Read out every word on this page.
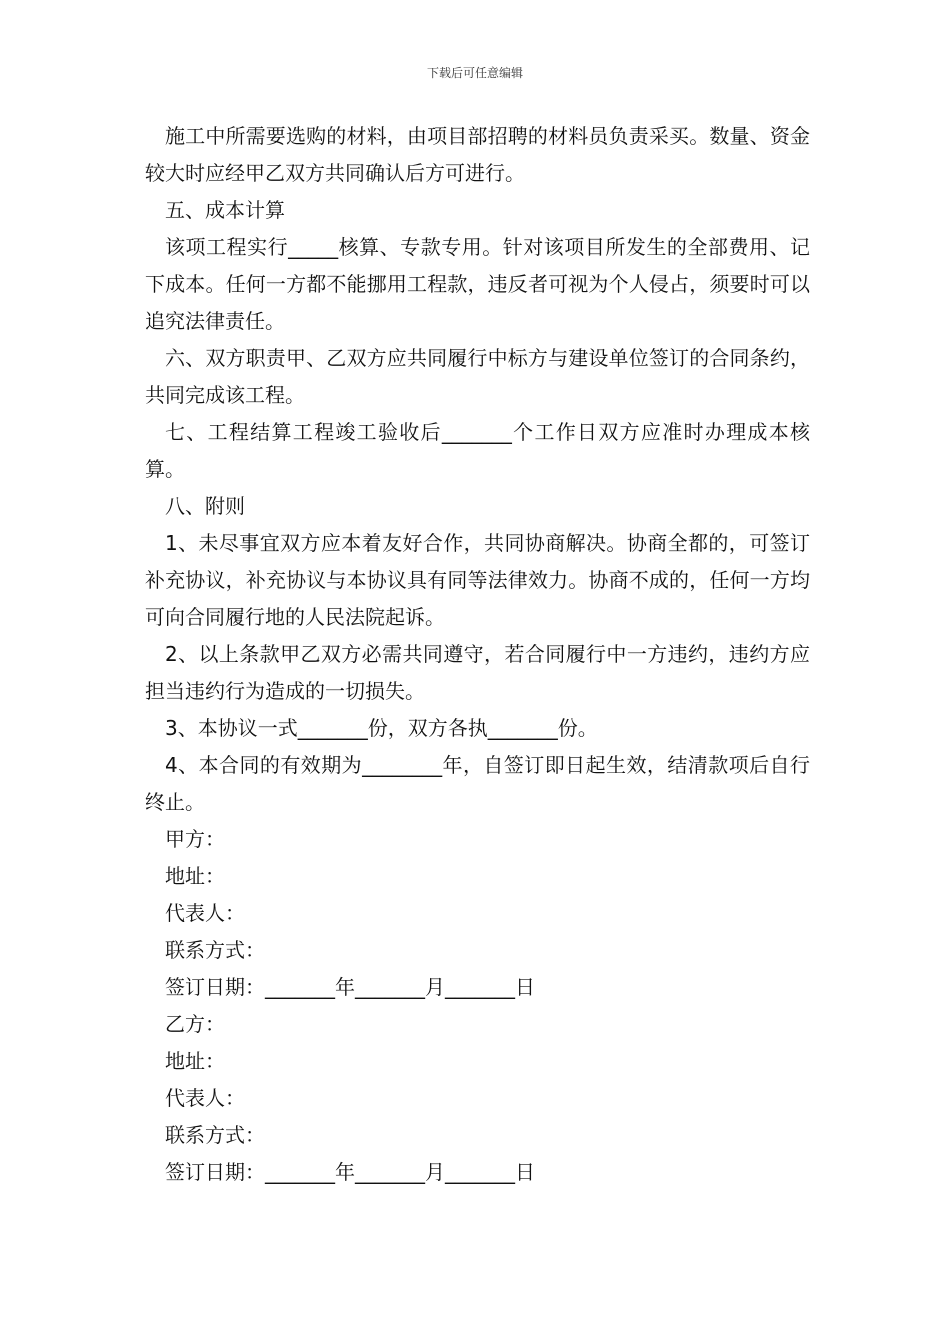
下载后可任意编辑

施工中所需要选购的材料，由项目部招聘的材料员负责采买。数量、资金较大时应经甲乙双方共同确认后方可进行。

五、成本计算

该项工程实行_____核算、专款专用。针对该项目所发生的全部费用、记下成本。任何一方都不能挪用工程款，违反者可视为个人侵占，须要时可以追究法律责任。

六、双方职责甲、乙双方应共同履行中标方与建设单位签订的合同条约，共同完成该工程。

七、工程结算工程竣工验收后_______个工作日双方应准时办理成本核算。

八、附则

1、未尽事宜双方应本着友好合作，共同协商解决。协商全都的，可签订补充协议，补充协议与本协议具有同等法律效力。协商不成的，任何一方均可向合同履行地的人民法院起诉。

2、以上条款甲乙双方必需共同遵守，若合同履行中一方违约，违约方应担当违约行为造成的一切损失。

3、本协议一式_______份，双方各执_______份。

4、本合同的有效期为________年，自签订即日起生效，结清款项后自行终止。

甲方：

地址：

代表人：

联系方式：

签订日期：_______年_______月_______日

乙方：

地址：

代表人：

联系方式：

签订日期：_______年_______月_______日
